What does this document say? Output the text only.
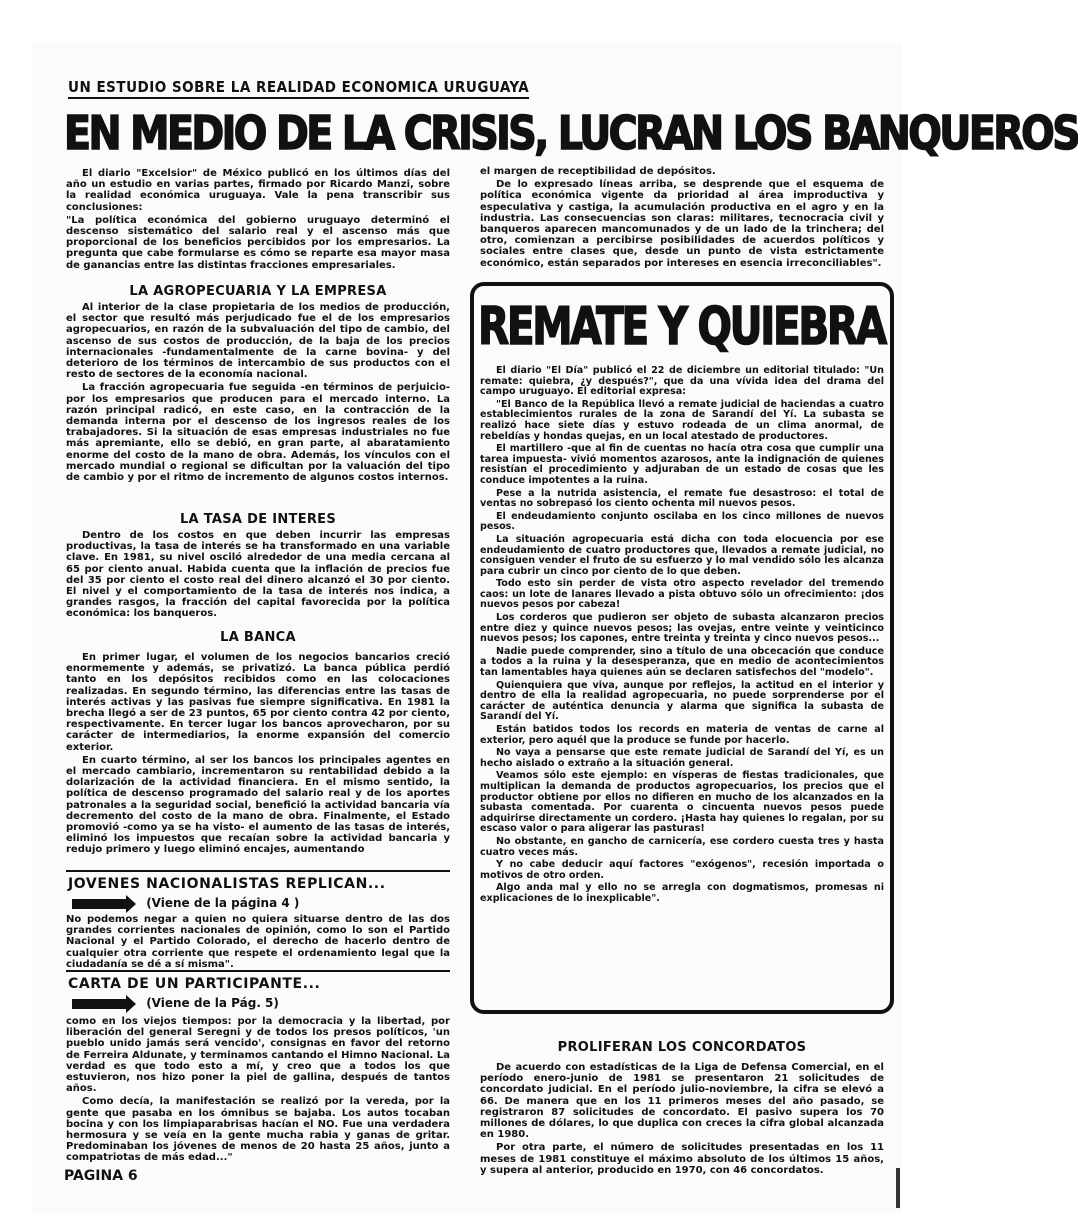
UN ESTUDIO SOBRE LA REALIDAD ECONOMICA URUGUAYA
EN MEDIO DE LA CRISIS, LUCRAN LOS BANQUEROS

El diario "Excelsior" de México publicó en los últimos días del año un estudio en varias partes, firmado por Ricardo Manzi, sobre la realidad económica uruguaya. Vale la pena transcribir sus conclusiones:

"La política económica del gobierno uruguayo determinó el descenso sistemático del salario real y el ascenso más que proporcional de los beneficios percibidos por los empresarios. La pregunta que cabe formularse es cómo se reparte esa mayor masa de ganancias entre las distintas fracciones empresariales.

LA AGROPECUARIA Y LA EMPRESA

Al interior de la clase propietaria de los medios de producción, el sector que resultó más perjudicado fue el de los empresarios agropecuarios, en razón de la subvaluación del tipo de cambio, del ascenso de sus costos de producción, de la baja de los precios internacionales -fundamentalmente de la carne bovina- y del deterioro de los términos de intercambio de sus productos con el resto de sectores de la economía nacional.

La fracción agropecuaria fue seguida -en términos de perjuicio- por los empresarios que producen para el mercado interno. La razón principal radicó, en este caso, en la contracción de la demanda interna por el descenso de los ingresos reales de los trabajadores. Si la situación de esas empresas industriales no fue más apremiante, ello se debió, en gran parte, al abaratamiento enorme del costo de la mano de obra. Además, los vínculos con el mercado mundial o regional se dificultan por la valuación del tipo de cambio y por el ritmo de incremento de algunos costos internos.

LA TASA DE INTERES

Dentro de los costos en que deben incurrir las empresas productivas, la tasa de interés se ha transformado en una variable clave. En 1981, su nivel osciló alrededor de una media cercana al 65 por ciento anual. Habida cuenta que la inflación de precios fue del 35 por ciento el costo real del dinero alcanzó el 30 por ciento. El nivel y el comportamiento de la tasa de interés nos indica, a grandes rasgos, la fracción del capital favorecida por la política económica: los banqueros.

LA BANCA

En primer lugar, el volumen de los negocios bancarios creció enormemente y además, se privatizó. La banca pública perdió tanto en los depósitos recibidos como en las colocaciones realizadas. En segundo término, las diferencias entre las tasas de interés activas y las pasivas fue siempre significativa. En 1981 la brecha llegó a ser de 23 puntos, 65 por ciento contra 42 por ciento, respectivamente. En tercer lugar los bancos aprovecharon, por su carácter de intermediarios, la enorme expansión del comercio exterior.

En cuarto término, al ser los bancos los principales agentes en el mercado cambiario, incrementaron su rentabilidad debido a la dolarización de la actividad financiera. En el mismo sentido, la política de descenso programado del salario real y de los aportes patronales a la seguridad social, benefició la actividad bancaria vía decremento del costo de la mano de obra. Finalmente, el Estado promovió -como ya se ha visto- el aumento de las tasas de interés, eliminó los impuestos que recaían sobre la actividad bancaria y redujo primero y luego eliminó encajes, aumentando

JOVENES NACIONALISTAS REPLICAN...
(Viene de la página 4 )

No podemos negar a quien no quiera situarse dentro de las dos grandes corrientes nacionales de opinión, como lo son el Partido Nacional y el Partido Colorado, el derecho de hacerlo dentro de cualquier otra corriente que respete el ordenamiento legal que la ciudadanía se dé a sí misma".

CARTA DE UN PARTICIPANTE...
(Viene de la Pág. 5)

como en los viejos tiempos: por la democracia y la libertad, por liberación del general Seregni y de todos los presos políticos, 'un pueblo unido jamás será vencido', consignas en favor del retorno de Ferreira Aldunate, y terminamos cantando el Himno Nacional. La verdad es que todo esto a mí, y creo que a todos los que estuvieron, nos hizo poner la piel de gallina, después de tantos años.

Como decía, la manifestación se realizó por la vereda, por la gente que pasaba en los ómnibus se bajaba. Los autos tocaban bocina y con los limpiaparabrisas hacían el NO. Fue una verdadera hermosura y se veía en la gente mucha rabia y ganas de gritar. Predominaban los jóvenes de menos de 20 hasta 25 años, junto a compatriotas de más edad..."

PAGINA 6

el margen de receptibilidad de depósitos.

De lo expresado líneas arriba, se desprende que el esquema de política económica vigente da prioridad al área improductiva y especulativa y castiga, la acumulación productiva en el agro y en la industria. Las consecuencias son claras: militares, tecnocracia civil y banqueros aparecen mancomunados y de un lado de la trinchera; del otro, comienzan a percibirse posibilidades de acuerdos políticos y sociales entre clases que, desde un punto de vista estrictamente económico, están separados por intereses en esencia irreconciliables".

REMATE Y QUIEBRA

El diario "El Día" publicó el 22 de diciembre un editorial titulado: "Un remate: quiebra, ¿y después?", que da una vívida idea del drama del campo uruguayo. El editorial expresa:

"El Banco de la República llevó a remate judicial de haciendas a cuatro establecimientos rurales de la zona de Sarandí del Yí. La subasta se realizó hace siete días y estuvo rodeada de un clima anormal, de rebeldías y hondas quejas, en un local atestado de productores.

El martillero -que al fin de cuentas no hacía otra cosa que cumplir una tarea impuesta- vivió momentos azarosos, ante la indignación de quienes resistían el procedimiento y adjuraban de un estado de cosas que les conduce impotentes a la ruina.

Pese a la nutrida asistencia, el remate fue desastroso: el total de ventas no sobrepasó los ciento ochenta mil nuevos pesos.

El endeudamiento conjunto oscilaba en los cinco millones de nuevos pesos.

La situación agropecuaria está dicha con toda elocuencia por ese endeudamiento de cuatro productores que, llevados a remate judicial, no consiguen vender el fruto de su esfuerzo y lo mal vendido sólo les alcanza para cubrir un cinco por ciento de lo que deben.

Todo esto sin perder de vista otro aspecto revelador del tremendo caos: un lote de lanares llevado a pista obtuvo sólo un ofrecimiento: ¡dos nuevos pesos por cabeza!

Los corderos que pudieron ser objeto de subasta alcanzaron precios entre diez y quince nuevos pesos; las ovejas, entre veinte y veinticinco nuevos pesos; los capones, entre treinta y treinta y cinco nuevos pesos...

Nadie puede comprender, sino a título de una obcecación que conduce a todos a la ruina y la desesperanza, que en medio de acontecimientos tan lamentables haya quienes aún se declaren satisfechos del "modelo".

Quienquiera que viva, aunque por reflejos, la actitud en el interior y dentro de ella la realidad agropecuaria, no puede sorprenderse por el carácter de auténtica denuncia y alarma que significa la subasta de Sarandí del Yí.

Están batidos todos los records en materia de ventas de carne al exterior, pero aquél que la produce se funde por hacerlo.

No vaya a pensarse que este remate judicial de Sarandí del Yí, es un hecho aislado o extraño a la situación general.

Veamos sólo este ejemplo: en vísperas de fiestas tradicionales, que multiplican la demanda de productos agropecuarios, los precios que el productor obtiene por ellos no difieren en mucho de los alcanzados en la subasta comentada. Por cuarenta o cincuenta nuevos pesos puede adquirirse directamente un cordero. ¡Hasta hay quienes lo regalan, por su escaso valor o para aligerar las pasturas!

No obstante, en gancho de carnicería, ese cordero cuesta tres y hasta cuatro veces más.

Y no cabe deducir aquí factores "exógenos", recesión importada o motivos de otro orden.

Algo anda mal y ello no se arregla con dogmatismos, promesas ni explicaciones de lo inexplicable".

PROLIFERAN LOS CONCORDATOS

De acuerdo con estadísticas de la Liga de Defensa Comercial, en el período enero-junio de 1981 se presentaron 21 solicitudes de concordato judicial. En el período julio-noviembre, la cifra se elevó a 66. De manera que en los 11 primeros meses del año pasado, se registraron 87 solicitudes de concordato. El pasivo supera los 70 millones de dólares, lo que duplica con creces la cifra global alcanzada en 1980.

Por otra parte, el número de solicitudes presentadas en los 11 meses de 1981 constituye el máximo absoluto de los últimos 15 años, y supera al anterior, producido en 1970, con 46 concordatos.
